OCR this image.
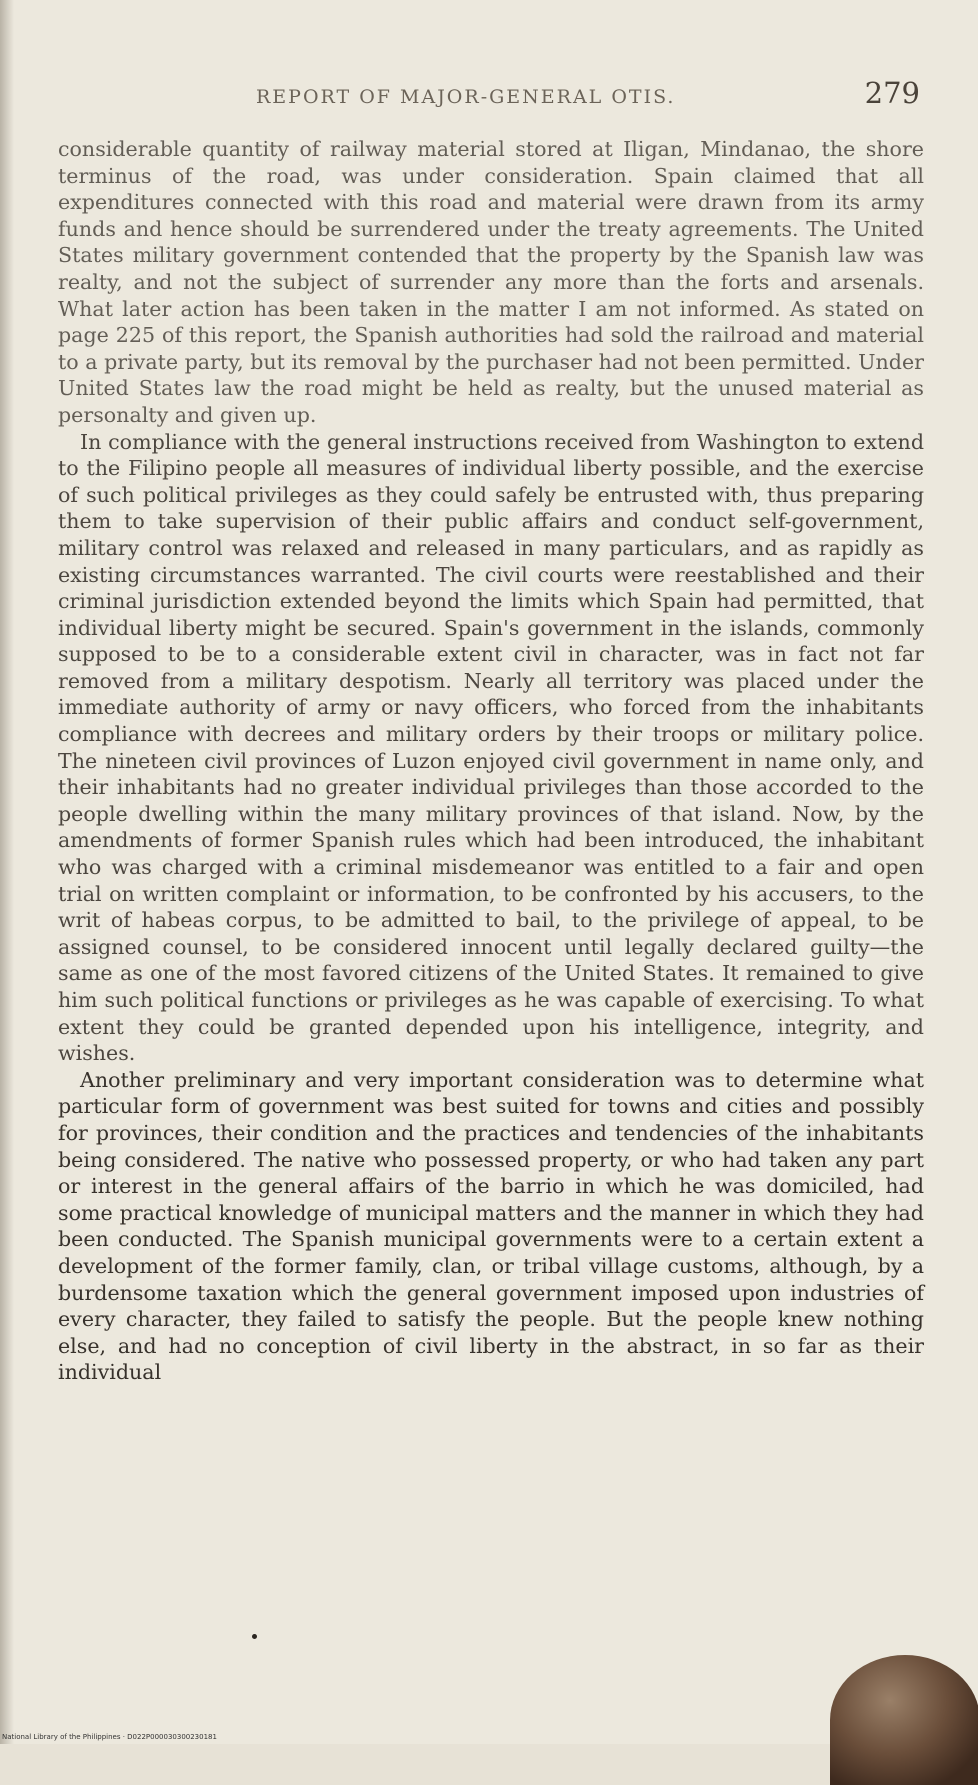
REPORT OF MAJOR-GENERAL OTIS.	279

considerable quantity of railway material stored at Iligan, Mindanao, the shore terminus of the road, was under consideration. Spain claimed that all expenditures connected with this road and material were drawn from its army funds and hence should be surrendered under the treaty agreements. The United States military government contended that the property by the Spanish law was realty, and not the subject of surrender any more than the forts and arsenals. What later action has been taken in the matter I am not informed. As stated on page 225 of this report, the Spanish authorities had sold the railroad and material to a private party, but its removal by the purchaser had not been permitted. Under United States law the road might be held as realty, but the unused material as personalty and given up.

In compliance with the general instructions received from Washington to extend to the Filipino people all measures of individual liberty possible, and the exercise of such political privileges as they could safely be entrusted with, thus preparing them to take supervision of their public affairs and conduct self-government, military control was relaxed and released in many particulars, and as rapidly as existing circumstances warranted. The civil courts were reestablished and their criminal jurisdiction extended beyond the limits which Spain had permitted, that individual liberty might be secured. Spain's government in the islands, commonly supposed to be to a considerable extent civil in character, was in fact not far removed from a military despotism. Nearly all territory was placed under the immediate authority of army or navy officers, who forced from the inhabitants compliance with decrees and military orders by their troops or military police. The nineteen civil provinces of Luzon enjoyed civil government in name only, and their inhabitants had no greater individual privileges than those accorded to the people dwelling within the many military provinces of that island. Now, by the amendments of former Spanish rules which had been introduced, the inhabitant who was charged with a criminal misdemeanor was entitled to a fair and open trial on written complaint or information, to be confronted by his accusers, to the writ of habeas corpus, to be admitted to bail, to the privilege of appeal, to be assigned counsel, to be considered innocent until legally declared guilty—the same as one of the most favored citizens of the United States. It remained to give him such political functions or privileges as he was capable of exercising. To what extent they could be granted depended upon his intelligence, integrity, and wishes.

Another preliminary and very important consideration was to determine what particular form of government was best suited for towns and cities and possibly for provinces, their condition and the practices and tendencies of the inhabitants being considered. The native who possessed property, or who had taken any part or interest in the general affairs of the barrio in which he was domiciled, had some practical knowledge of municipal matters and the manner in which they had been conducted. The Spanish municipal governments were to a certain extent a development of the former family, clan, or tribal village customs, although, by a burdensome taxation which the general government imposed upon industries of every character, they failed to satisfy the people. But the people knew nothing else, and had no conception of civil liberty in the abstract, in so far as their individual

National Library of the Philippines · D022P000030300230181
